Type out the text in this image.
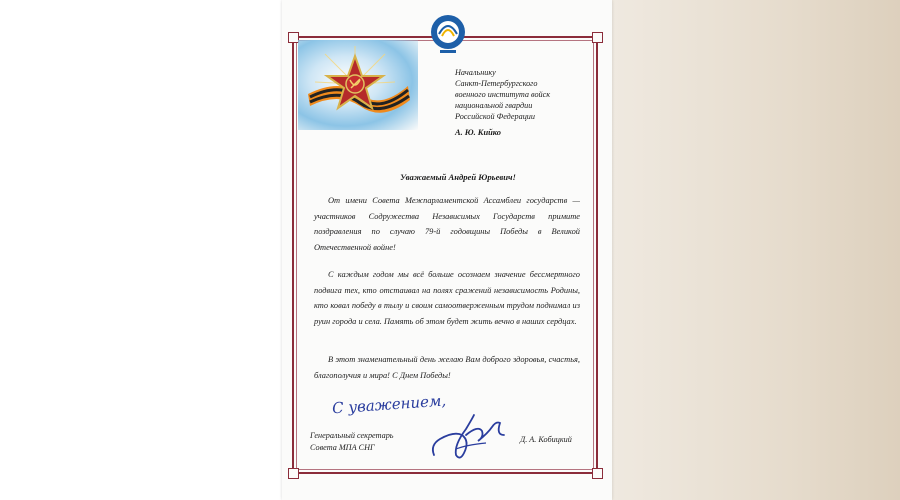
Начальнику
Санкт-Петербургского
военного института войск
национальной гвардии
Российской Федерации
А. Ю. Кийко
Уважаемый Андрей Юрьевич!

От имени Совета Межпарламентской Ассамблеи государств — участников Содружества Независимых Государств примите поздравления по случаю 79-й годовщины Победы в Великой Отечественной войне!

С каждым годом мы всё больше осознаем значение бессмертного подвига тех, кто отстаивал на полях сражений независимость Родины, кто ковал победу в тылу и своим самоотверженным трудом поднимал из руин города и села. Память об этом будет жить вечно в наших сердцах.

В этот знаменательный день желаю Вам доброго здоровья, счастья, благополучия и мира! С Днем Победы!

С уважением,
Генеральный секретарь
Совета МПА СНГ
Д. А. Кобицкий
